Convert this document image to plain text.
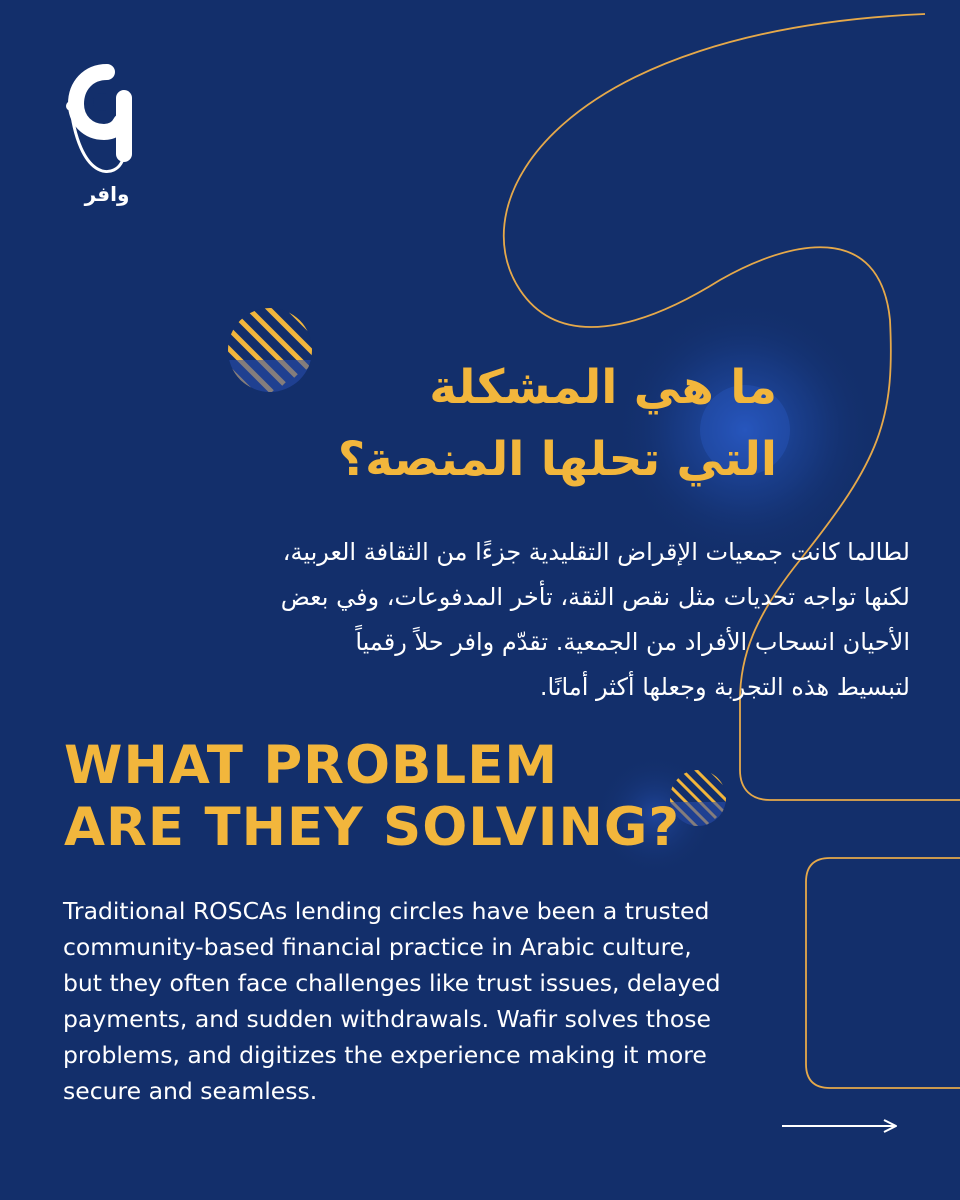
وافر
ما هي المشكلة
التي تحلها المنصة؟
لطالما كانت جمعيات الإقراض التقليدية جزءًا من الثقافة العربية،
لكنها تواجه تحديات مثل نقص الثقة، تأخر المدفوعات، وفي بعض
الأحيان انسحاب الأفراد من الجمعية. تقدّم وافر حلاً رقمياً
لتبسيط هذه التجربة وجعلها أكثر أمانًا.
WHAT PROBLEM
ARE THEY SOLVING?
Traditional ROSCAs lending circles have been a trusted
community-based financial practice in Arabic culture,
but they often face challenges like trust issues, delayed
payments, and sudden withdrawals. Wafir solves those
problems, and digitizes the experience making it more
secure and seamless.
